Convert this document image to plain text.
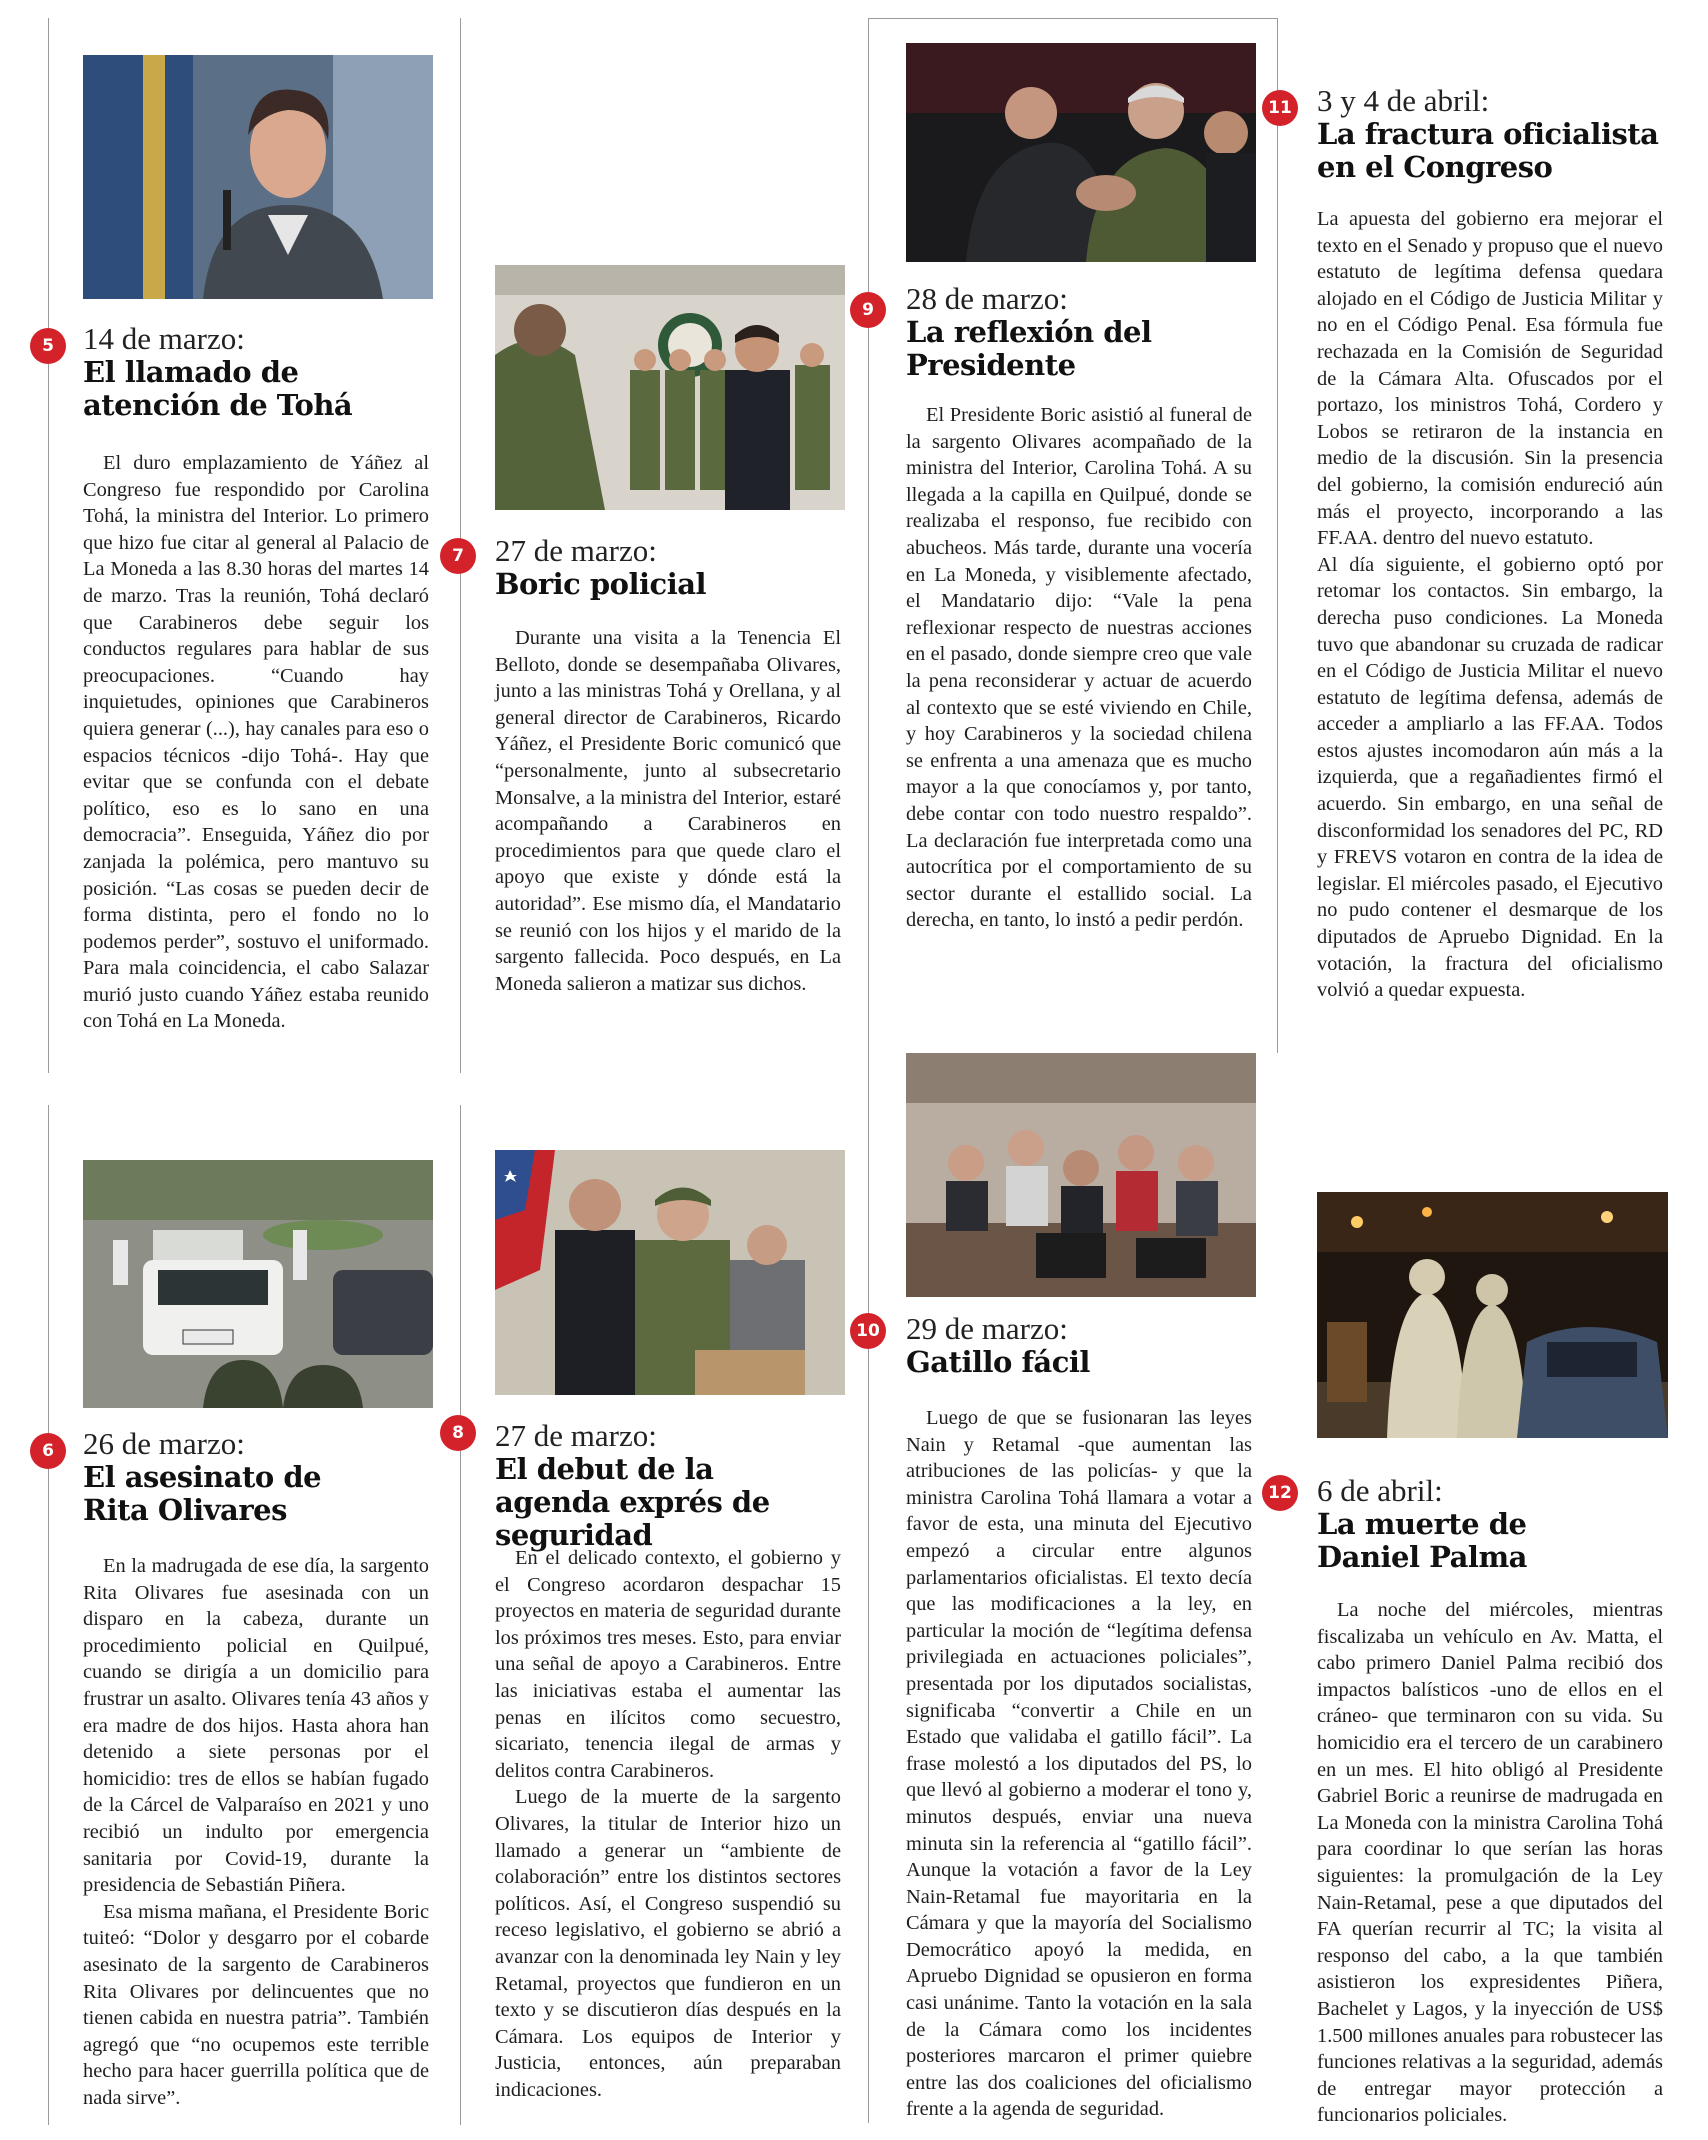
5
6
7
8
9
10
11
12

14 de marzo:

El llamado de atención de Tohá

26 de marzo:

El asesinato de Rita Olivares

27 de marzo:

Boric policial

27 de marzo:

El debut de la agenda exprés de seguridad

28 de marzo:

La reflexión del Presidente

29 de marzo:

Gatillo fácil

3 y 4 de abril:

La fractura oficialista en el Congreso

6 de abril:

La muerte de Daniel Palma

El duro emplazamiento de Yáñez al Congreso fue respondido por Carolina Tohá, la ministra del Interior. Lo primero que hizo fue citar al general al Palacio de La Moneda a las 8.30 horas del martes 14 de marzo. Tras la reunión, Tohá declaró que Carabineros debe seguir los conductos regulares para hablar de sus preocupaciones. “Cuando hay inquietudes, opiniones que Carabineros quiera generar (...), hay canales para eso o espacios técnicos -dijo Tohá-. Hay que evitar que se confunda con el debate político, eso es lo sano en una democracia”. Enseguida, Yáñez dio por zanjada la polémica, pero mantuvo su posición. “Las cosas se pueden decir de forma distinta, pero el fondo no lo podemos perder”, sostuvo el uniformado. Para mala coincidencia, el cabo Salazar murió justo cuando Yáñez estaba reunido con Tohá en La Moneda.

En la madrugada de ese día, la sargento Rita Olivares fue asesinada con un disparo en la cabeza, durante un procedimiento policial en Quilpué, cuando se dirigía a un domicilio para frustrar un asalto. Olivares tenía 43 años y era madre de dos hijos. Hasta ahora han detenido a siete personas por el homicidio: tres de ellos se habían fugado de la Cárcel de Valparaíso en 2021 y uno recibió un indulto por emergencia sanitaria por Covid-19, durante la presidencia de Sebastián Piñera.

Esa misma mañana, el Presidente Boric tuiteó: “Dolor y desgarro por el cobarde asesinato de la sargento de Carabineros Rita Olivares por delincuentes que no tienen cabida en nuestra patria”. También agregó que “no ocupemos este terrible hecho para hacer guerrilla política que de nada sirve”.

Durante una visita a la Tenencia El Belloto, donde se desempañaba Olivares, junto a las ministras Tohá y Orellana, y al general director de Carabineros, Ricardo Yáñez, el Presidente Boric comunicó que “personalmente, junto al subsecretario Monsalve, a la ministra del Interior, estaré acompañando a Carabineros en procedimientos para que quede claro el apoyo que existe y dónde está la autoridad”. Ese mismo día, el Mandatario se reunió con los hijos y el marido de la sargento fallecida. Poco después, en La Moneda salieron a matizar sus dichos.

En el delicado contexto, el gobierno y el Congreso acordaron despachar 15 proyectos en materia de seguridad durante los próximos tres meses. Esto, para enviar una señal de apoyo a Carabineros. Entre las iniciativas estaba el aumentar las penas en ilícitos como secuestro, sicariato, tenencia ilegal de armas y delitos contra Carabineros.

Luego de la muerte de la sargento Olivares, la titular de Interior hizo un llamado a generar un “ambiente de colaboración” entre los distintos sectores políticos. Así, el Congreso suspendió su receso legislativo, el gobierno se abrió a avanzar con la denominada ley Nain y ley Retamal, proyectos que fundieron en un texto y se discutieron días después en la Cámara. Los equipos de Interior y Justicia, entonces, aún preparaban indicaciones.

El Presidente Boric asistió al funeral de la sargento Olivares acompañado de la ministra del Interior, Carolina Tohá. A su llegada a la capilla en Quilpué, donde se realizaba el responso, fue recibido con abucheos. Más tarde, durante una vocería en La Moneda, y visiblemente afectado, el Mandatario dijo: “Vale la pena reflexionar respecto de nuestras acciones en el pasado, donde siempre creo que vale la pena reconsiderar y actuar de acuerdo al contexto que se esté viviendo en Chile, y hoy Carabineros y la sociedad chilena se enfrenta a una amenaza que es mucho mayor a la que conocíamos y, por tanto, debe contar con todo nuestro respaldo”. La declaración fue interpretada como una autocrítica por el comportamiento de su sector durante el estallido social. La derecha, en tanto, lo instó a pedir perdón.

Luego de que se fusionaran las leyes Nain y Retamal -que aumentan las atribuciones de las policías- y que la ministra Carolina Tohá llamara a votar a favor de esta, una minuta del Ejecutivo empezó a circular entre algunos parlamentarios oficialistas. El texto decía que las modificaciones a la ley, en particular la moción de “legítima defensa privilegiada en actuaciones policiales”, presentada por los diputados socialistas, significaba “convertir a Chile en un Estado que validaba el gatillo fácil”. La frase molestó a los diputados del PS, lo que llevó al gobierno a moderar el tono y, minutos después, enviar una nueva minuta sin la referencia al “gatillo fácil”. Aunque la votación a favor de la Ley Nain-Retamal fue mayoritaria en la Cámara y que la mayoría del Socialismo Democrático apoyó la medida, en Apruebo Dignidad se opusieron en forma casi unánime. Tanto la votación en la sala de la Cámara como los incidentes posteriores marcaron el primer quiebre entre las dos coaliciones del oficialismo frente a la agenda de seguridad.

La apuesta del gobierno era mejorar el texto en el Senado y propuso que el nuevo estatuto de legítima defensa quedara alojado en el Código de Justicia Militar y no en el Código Penal. Esa fórmula fue rechazada en la Comisión de Seguridad de la Cámara Alta. Ofuscados por el portazo, los ministros Tohá, Cordero y Lobos se retiraron de la instancia en medio de la discusión. Sin la presencia del gobierno, la comisión endureció aún más el proyecto, incorporando a las FF.AA. dentro del nuevo estatuto.

Al día siguiente, el gobierno optó por retomar los contactos. Sin embargo, la derecha puso condiciones. La Moneda tuvo que abandonar su cruzada de radicar en el Código de Justicia Militar el nuevo estatuto de legítima defensa, además de acceder a ampliarlo a las FF.AA. Todos estos ajustes incomodaron aún más a la izquierda, que a regañadientes firmó el acuerdo. Sin embargo, en una señal de disconformidad los senadores del PC, RD y FREVS votaron en contra de la idea de legislar. El miércoles pasado, el Ejecutivo no pudo contener el desmarque de los diputados de Apruebo Dignidad. En la votación, la fractura del oficialismo volvió a quedar expuesta.

La noche del miércoles, mientras fiscalizaba un vehículo en Av. Matta, el cabo primero Daniel Palma recibió dos impactos balísticos -uno de ellos en el cráneo- que terminaron con su vida. Su homicidio era el tercero de un carabinero en un mes. El hito obligó al Presidente Gabriel Boric a reunirse de madrugada en La Moneda con la ministra Carolina Tohá para coordinar lo que serían las horas siguientes: la promulgación de la Ley Nain-Retamal, pese a que diputados del FA querían recurrir al TC; la visita al responso del cabo, a la que también asistieron los expresidentes Piñera, Bachelet y Lagos, y la inyección de US$ 1.500 millones anuales para robustecer las funciones relativas a la seguridad, además de entregar mayor protección a funcionarios policiales.
